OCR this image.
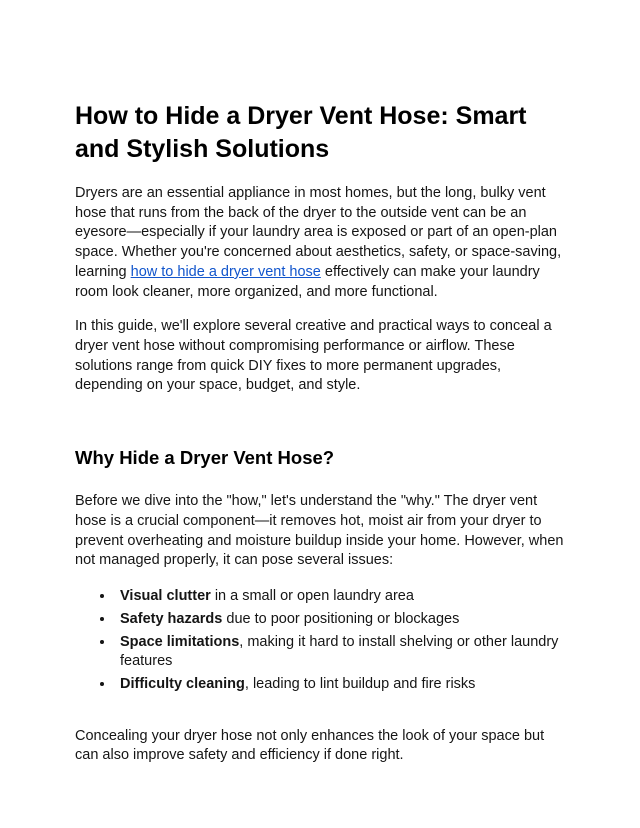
How to Hide a Dryer Vent Hose: Smart and Stylish Solutions

Dryers are an essential appliance in most homes, but the long, bulky vent hose that runs from the back of the dryer to the outside vent can be an eyesore—especially if your laundry area is exposed or part of an open-plan space. Whether you're concerned about aesthetics, safety, or space-saving, learning how to hide a dryer vent hose effectively can make your laundry room look cleaner, more organized, and more functional.

In this guide, we'll explore several creative and practical ways to conceal a dryer vent hose without compromising performance or airflow. These solutions range from quick DIY fixes to more permanent upgrades, depending on your space, budget, and style.

Why Hide a Dryer Vent Hose?

Before we dive into the "how," let's understand the "why." The dryer vent hose is a crucial component—it removes hot, moist air from your dryer to prevent overheating and moisture buildup inside your home. However, when not managed properly, it can pose several issues:

• Visual clutter in a small or open laundry area
• Safety hazards due to poor positioning or blockages
• Space limitations, making it hard to install shelving or other laundry features
• Difficulty cleaning, leading to lint buildup and fire risks

Concealing your dryer hose not only enhances the look of your space but can also improve safety and efficiency if done right.
